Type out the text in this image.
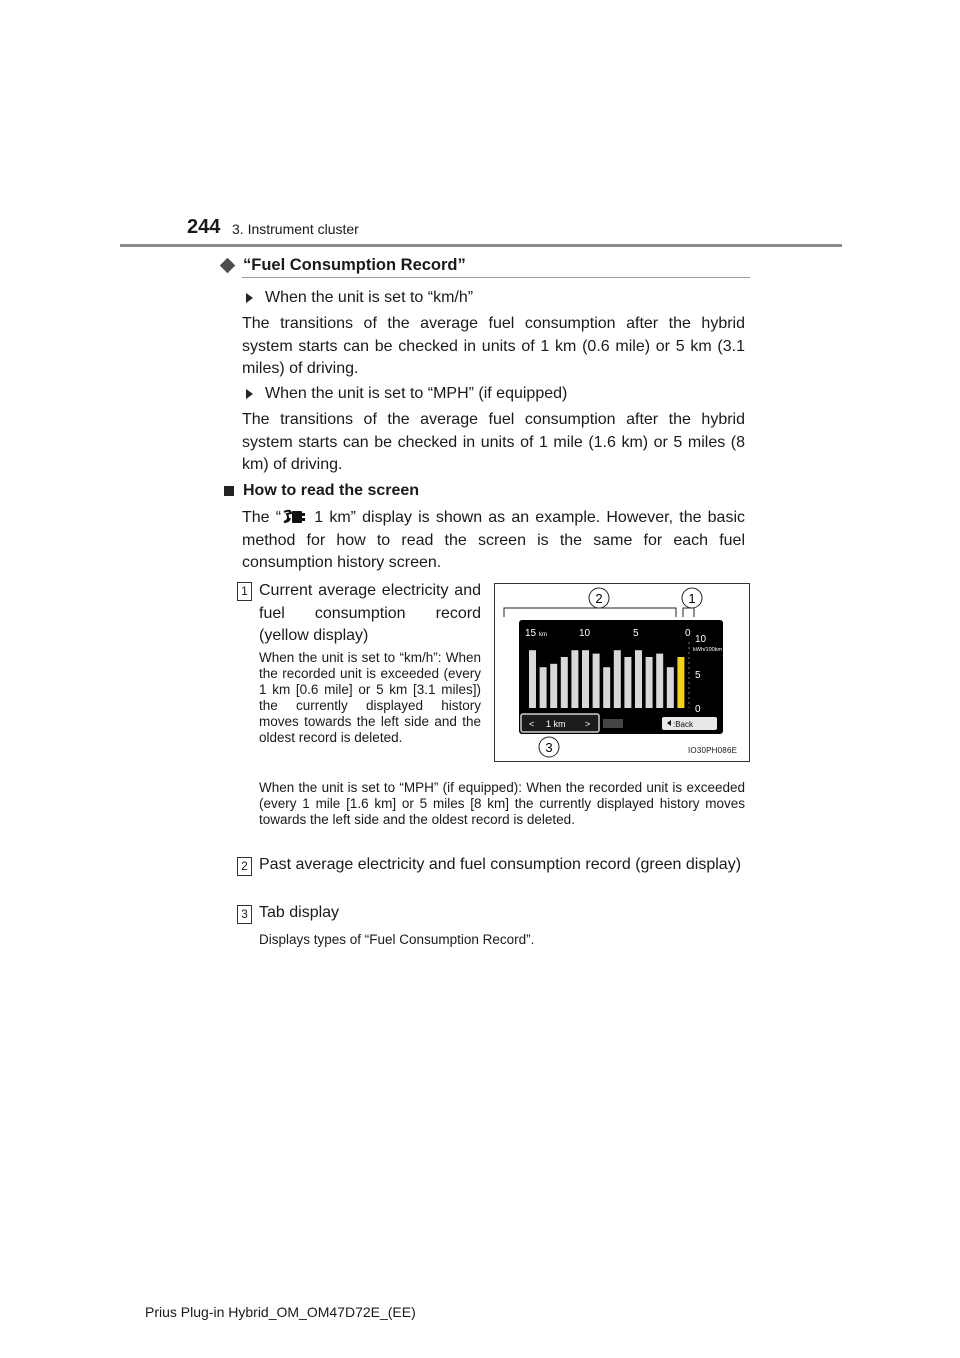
244 3. Instrument cluster
“Fuel Consumption Record”
When the unit is set to “km/h”
The transitions of the average fuel consumption after the hybrid system starts can be checked in units of 1 km (0.6 mile) or 5 km (3.1 miles) of driving.
When the unit is set to “MPH” (if equipped)
The transitions of the average fuel consumption after the hybrid system starts can be checked in units of 1 mile (1.6 km) or 5 miles (8 km) of driving.
How to read the screen
The “ 1 km” display is shown as an example. However, the basic method for how to read the screen is the same for each fuel consumption history screen.
1 Current average electricity and fuel consumption record (yellow display)
When the unit is set to “km/h”: When the recorded unit is exceeded (every 1 km [0.6 mile] or 5 km [3.1 miles]) the currently displayed history moves towards the left side and the oldest record is deleted.
When the unit is set to “MPH” (if equipped): When the recorded unit is exceeded (every 1 mile [1.6 km] or 5 miles [8 km] the currently displayed history moves towards the left side and the oldest record is deleted.
2 Past average electricity and fuel consumption record (green display)
3 Tab display
Displays types of “Fuel Consumption Record”.
2	1
3
15 km	10	5	0
10
kWh/100km
5
0
< 1 km >	:Back
IO30PH086E
Prius Plug-in Hybrid_OM_OM47D72E_(EE)
